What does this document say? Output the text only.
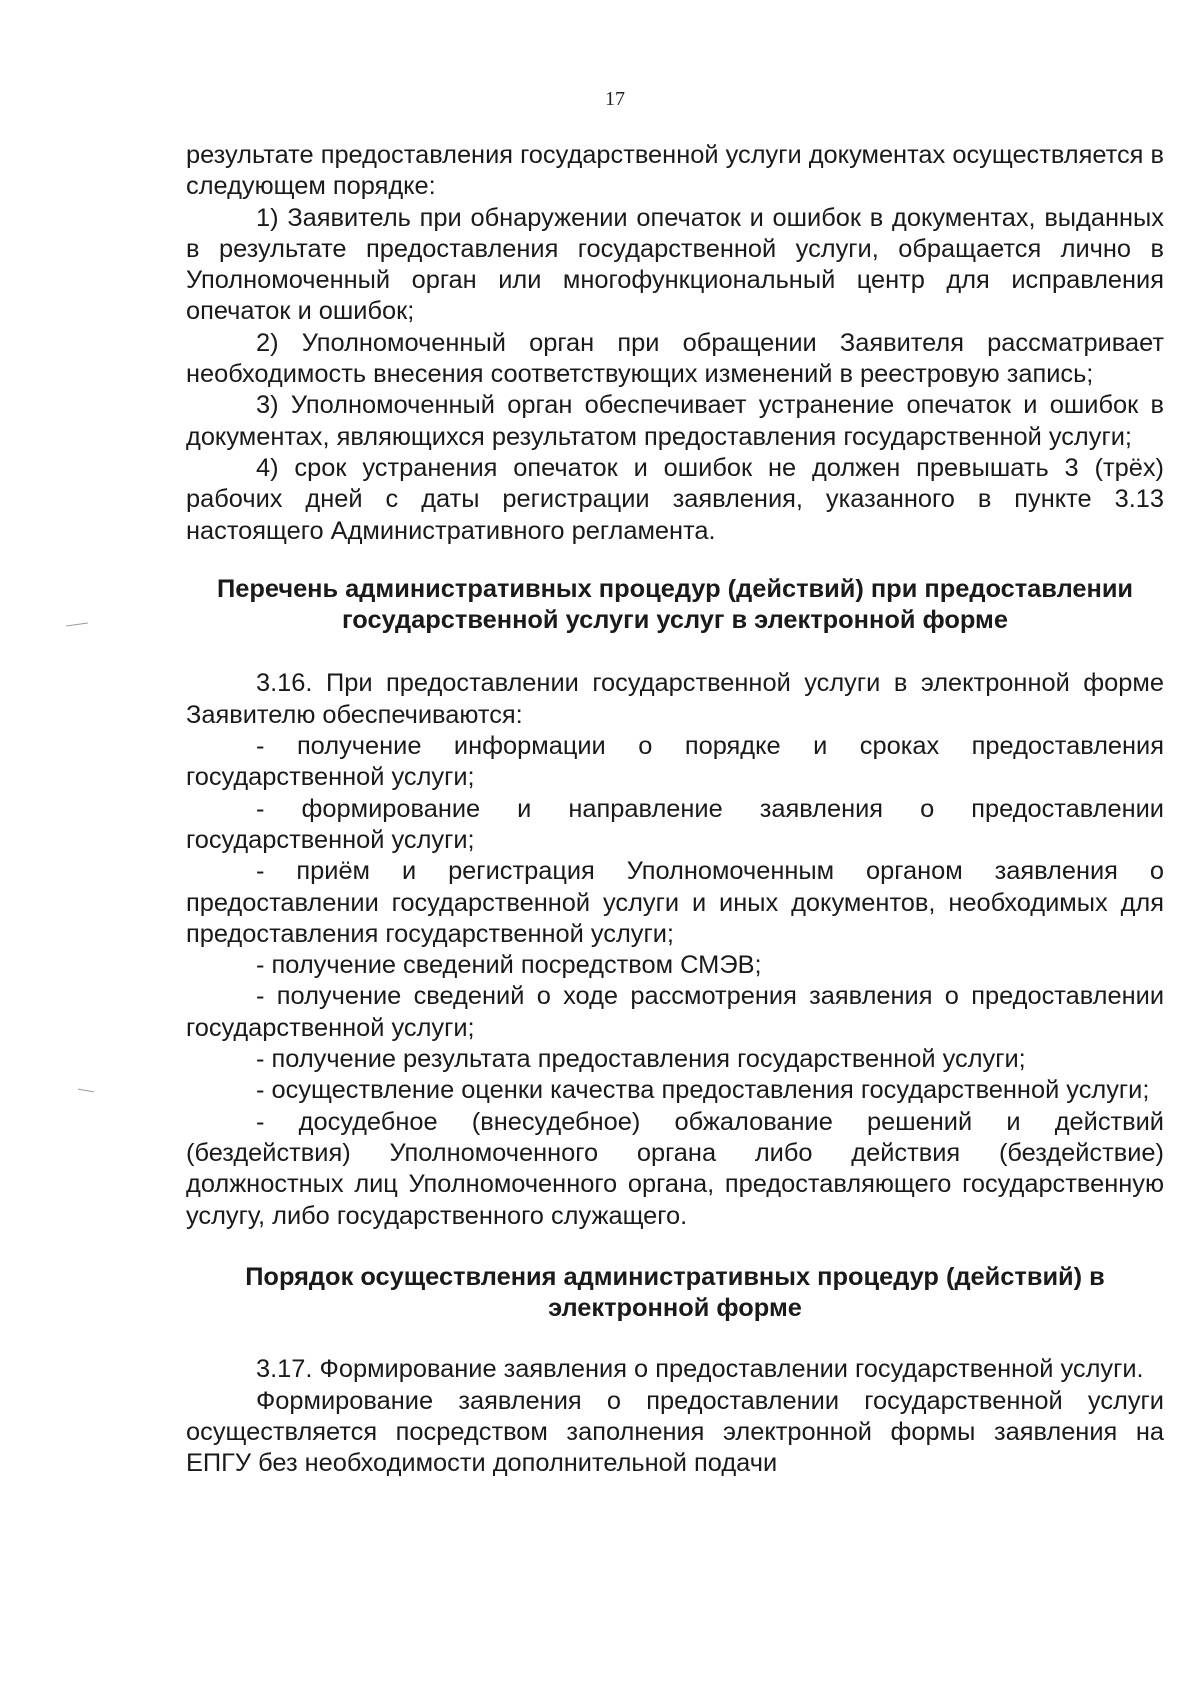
17

результате предоставления государственной услуги документах осуществляется в следующем порядке:

1) Заявитель при обнаружении опечаток и ошибок в документах, выданных в результате предоставления государственной услуги, обращается лично в Уполномоченный орган или многофункциональный центр для исправления опечаток и ошибок;

2) Уполномоченный орган при обращении Заявителя рассматривает необходимость внесения соответствующих изменений в реестровую запись;

3) Уполномоченный орган обеспечивает устранение опечаток и ошибок в документах, являющихся результатом предоставления государственной услуги;

4) срок устранения опечаток и ошибок не должен превышать 3 (трёх) рабочих дней с даты регистрации заявления, указанного в пункте 3.13 настоящего Административного регламента.

Перечень административных процедур (действий) при предоставлении государственной услуги услуг в электронной форме

3.16. При предоставлении государственной услуги в электронной форме Заявителю обеспечиваются:

- получение информации о порядке и сроках предоставления государственной услуги;

- формирование и направление заявления о предоставлении государственной услуги;

- приём и регистрация Уполномоченным органом заявления о предоставлении государственной услуги и иных документов, необходимых для предоставления государственной услуги;

- получение сведений посредством СМЭВ;

- получение сведений о ходе рассмотрения заявления о предоставлении государственной услуги;

- получение результата предоставления государственной услуги;

- осуществление оценки качества предоставления государственной услуги;

- досудебное (внесудебное) обжалование решений и действий (бездействия) Уполномоченного органа либо действия (бездействие) должностных лиц Уполномоченного органа, предоставляющего государственную услугу, либо государственного служащего.

Порядок осуществления административных процедур (действий) в электронной форме

3.17. Формирование заявления о предоставлении государственной услуги.

Формирование заявления о предоставлении государственной услуги осуществляется посредством заполнения электронной формы заявления на ЕПГУ без необходимости дополнительной подачи
